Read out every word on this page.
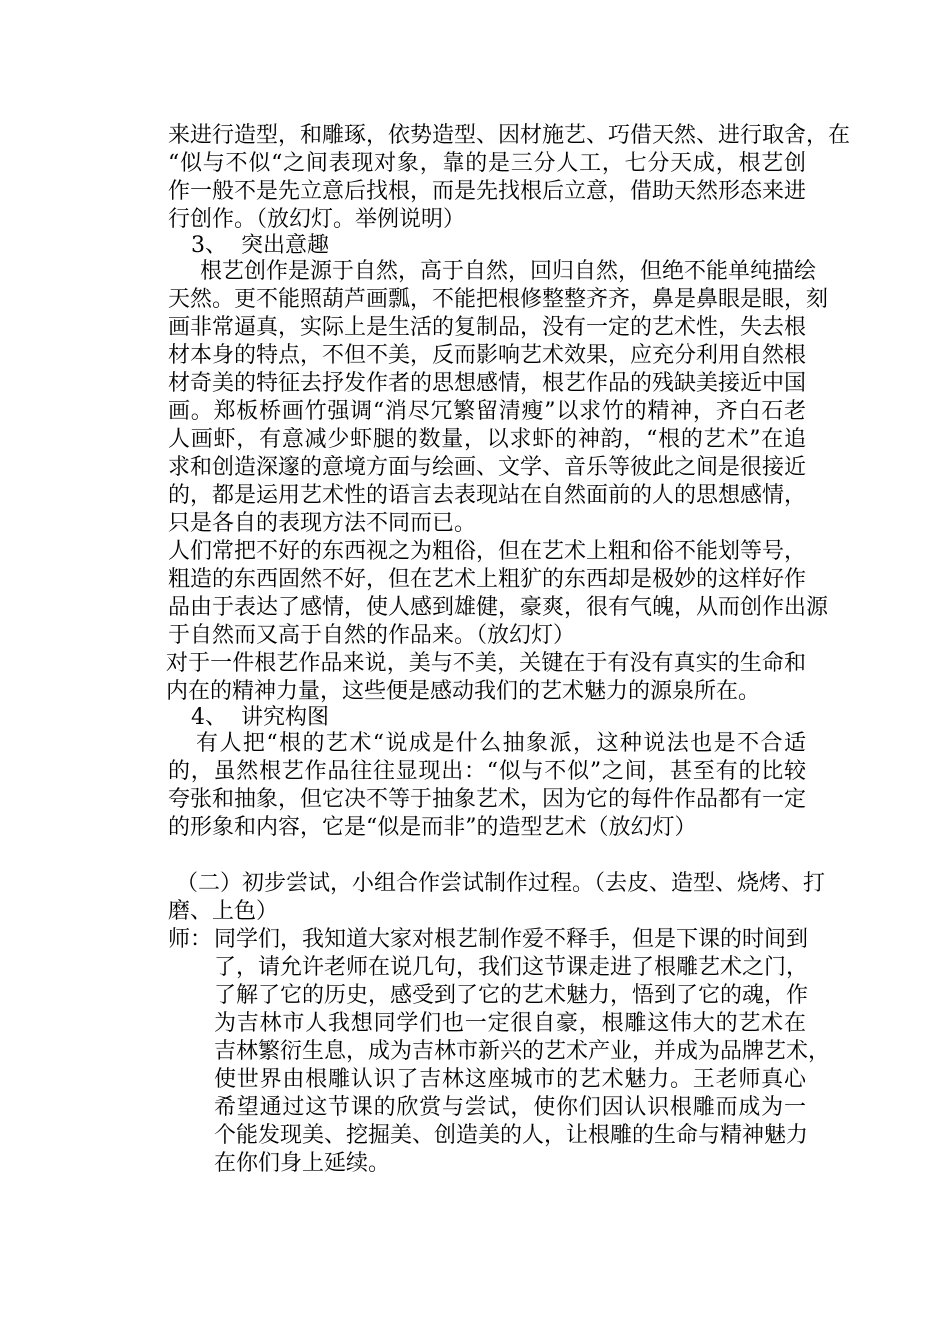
来进行造型，和雕琢，依势造型、因材施艺、巧借天然、进行取舍，在
“似与不似“之间表现对象，靠的是三分人工，七分天成，根艺创
作一般不是先立意后找根，而是先找根后立意，借助天然形态来进
行创作。（放幻灯。举例说明）
3、 突出意趣
根艺创作是源于自然，高于自然，回归自然，但绝不能单纯描绘
天然。更不能照葫芦画瓢，不能把根修整整齐齐，鼻是鼻眼是眼，刻
画非常逼真，实际上是生活的复制品，没有一定的艺术性，失去根
材本身的特点，不但不美，反而影响艺术效果，应充分利用自然根
材奇美的特征去抒发作者的思想感情，根艺作品的残缺美接近中国
画。郑板桥画竹强调“消尽冗繁留清瘦”以求竹的精神，齐白石老
人画虾，有意减少虾腿的数量，以求虾的神韵，“根的艺术”在追
求和创造深邃的意境方面与绘画、文学、音乐等彼此之间是很接近
的，都是运用艺术性的语言去表现站在自然面前的人的思想感情，
只是各自的表现方法不同而已。
人们常把不好的东西视之为粗俗，但在艺术上粗和俗不能划等号，
粗造的东西固然不好，但在艺术上粗犷的东西却是极妙的这样好作
品由于表达了感情，使人感到雄健，豪爽，很有气魄，从而创作出源
于自然而又高于自然的作品来。（放幻灯）
对于一件根艺作品来说，美与不美，关键在于有没有真实的生命和
内在的精神力量，这些便是感动我们的艺术魅力的源泉所在。
4、 讲究构图
有人把“根的艺术“说成是什么抽象派，这种说法也是不合适
的，虽然根艺作品往往显现出：“似与不似”之间，甚至有的比较
夸张和抽象，但它决不等于抽象艺术，因为它的每件作品都有一定
的形象和内容，它是“似是而非”的造型艺术（放幻灯）
（二）初步尝试，小组合作尝试制作过程。（去皮、造型、烧烤、打
磨、上色）
师： 同学们，我知道大家对根艺制作爱不释手，但是下课的时间到
了，请允许老师在说几句，我们这节课走进了根雕艺术之门，
了解了它的历史，感受到了它的艺术魅力，悟到了它的魂，作
为吉林市人我想同学们也一定很自豪，根雕这伟大的艺术在
吉林繁衍生息，成为吉林市新兴的艺术产业，并成为品牌艺术，
使世界由根雕认识了吉林这座城市的艺术魅力。王老师真心
希望通过这节课的欣赏与尝试，使你们因认识根雕而成为一
个能发现美、挖掘美、创造美的人，让根雕的生命与精神魅力
在你们身上延续。
